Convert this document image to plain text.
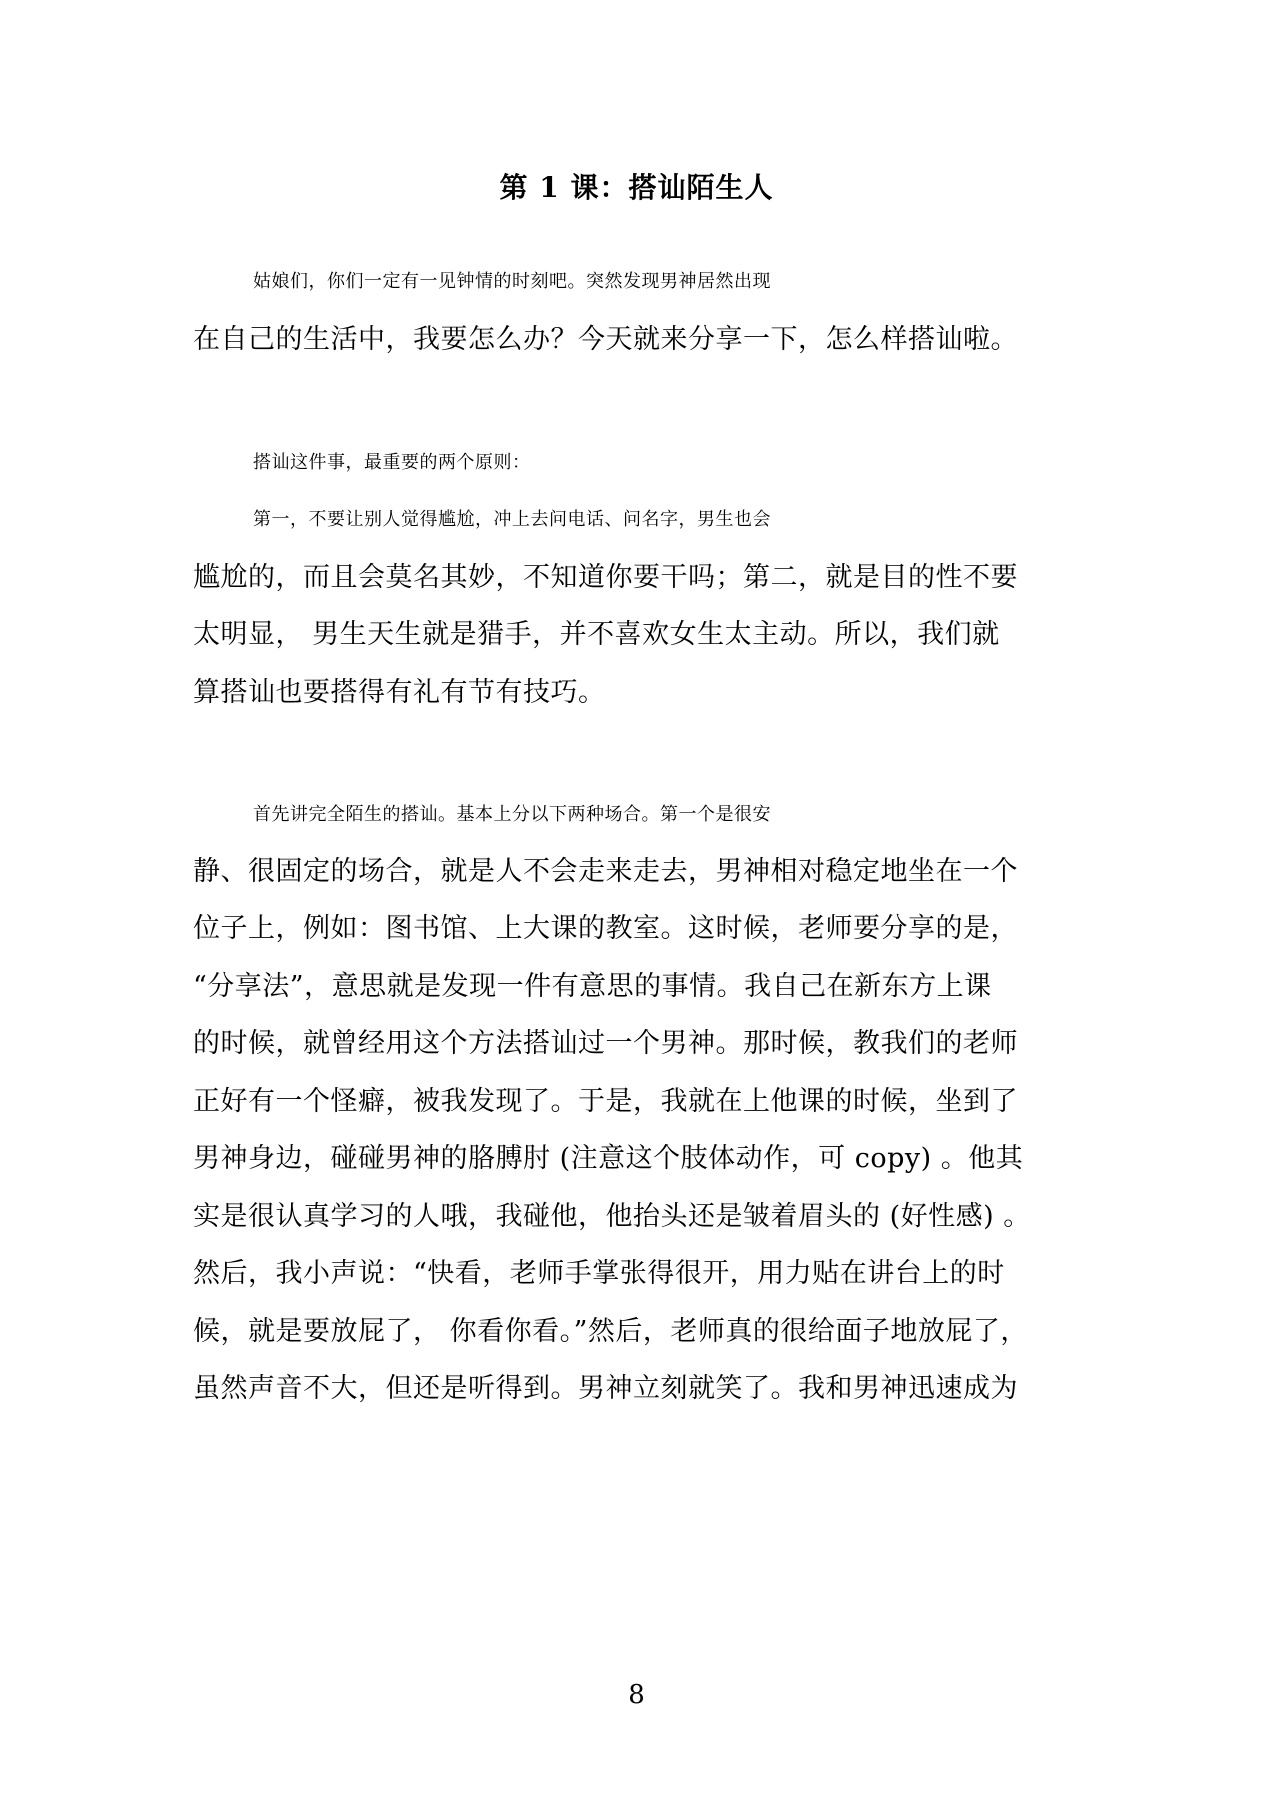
第 1 课：搭讪陌生人

姑娘们，你们一定有一见钟情的时刻吧。突然发现男神居然出现

在自己的生活中，我要怎么办？今天就来分享一下，怎么样搭讪啦。

搭讪这件事，最重要的两个原则：

第一，不要让别人觉得尴尬，冲上去问电话、问名字，男生也会

尴尬的，而且会莫名其妙，不知道你要干吗；第二，就是目的性不要

太明显， 男生天生就是猎手，并不喜欢女生太主动。所以，我们就

算搭讪也要搭得有礼有节有技巧。

首先讲完全陌生的搭讪。基本上分以下两种场合。第一个是很安

静、很固定的场合，就是人不会走来走去，男神相对稳定地坐在一个

位子上，例如：图书馆、上大课的教室。这时候，老师要分享的是，

“分享法”，意思就是发现一件有意思的事情。我自己在新东方上课

的时候，就曾经用这个方法搭讪过一个男神。那时候，教我们的老师

正好有一个怪癖，被我发现了。于是，我就在上他课的时候，坐到了

男神身边，碰碰男神的胳膊肘 (注意这个肢体动作，可 copy) 。他其

实是很认真学习的人哦，我碰他，他抬头还是皱着眉头的 (好性感) 。

然后，我小声说：“快看，老师手掌张得很开，用力贴在讲台上的时

候，就是要放屁了， 你看你看。”然后，老师真的很给面子地放屁了，

虽然声音不大，但还是听得到。男神立刻就笑了。我和男神迅速成为

8
